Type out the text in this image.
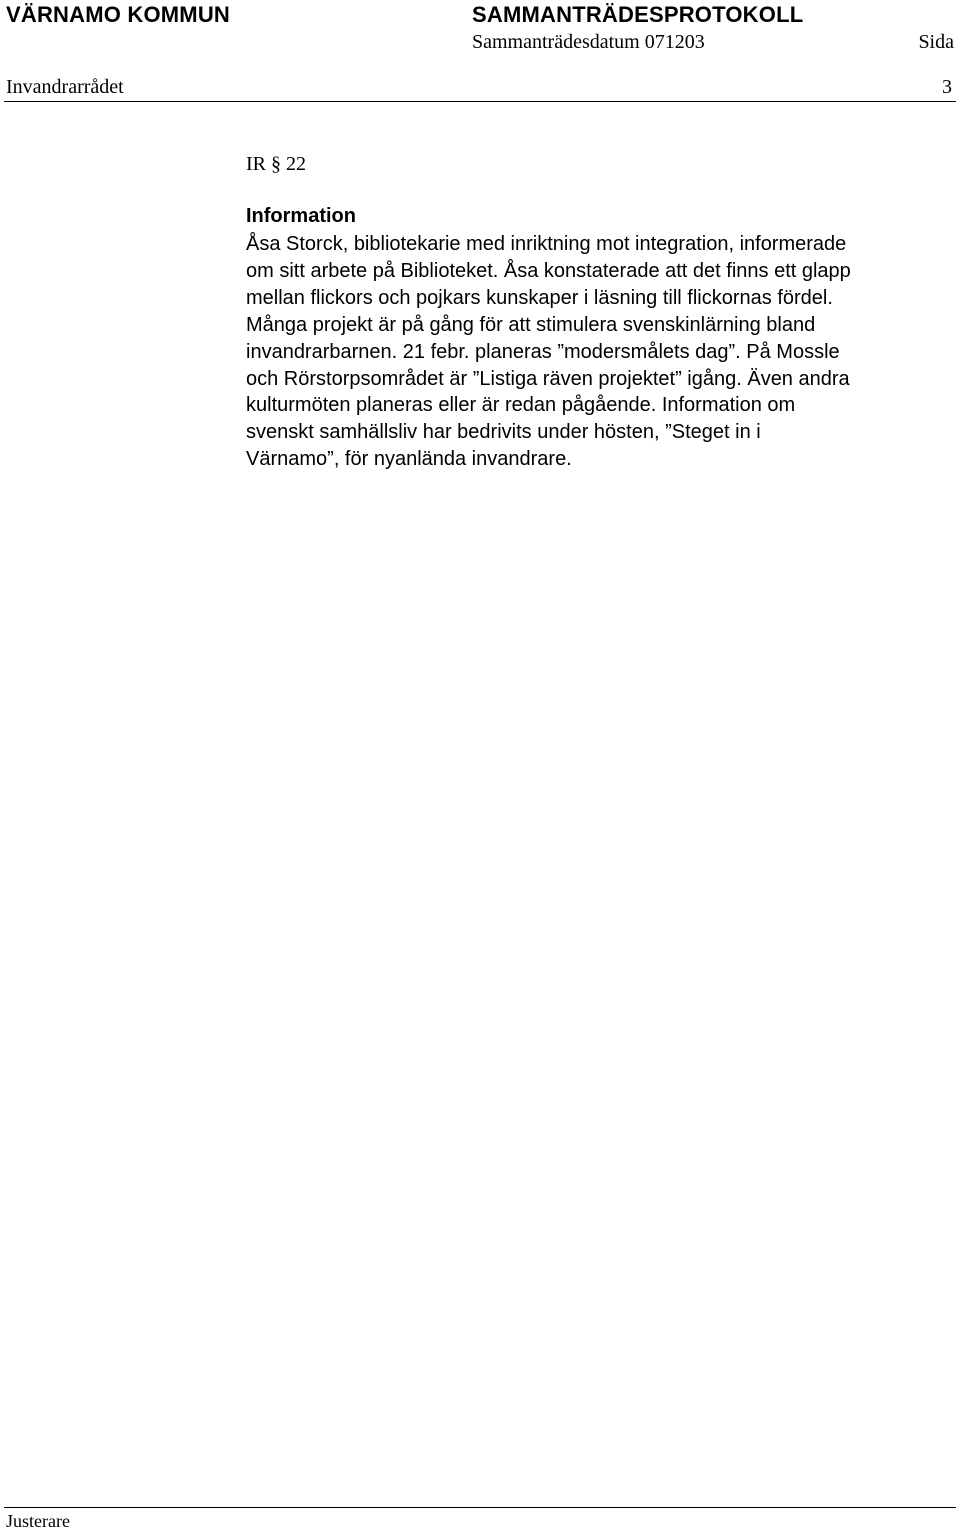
VÄRNAMO KOMMUN	SAMMANTRÄDESPROTOKOLL
Sammanträdesdatum 071203	Sida
Invandrarrådet	3
IR § 22
Information

Åsa Storck, bibliotekarie med inriktning mot integration, informerade
om sitt arbete på Biblioteket. Åsa konstaterade att det finns ett glapp
mellan flickors och pojkars kunskaper i läsning till flickornas fördel.
Många projekt är på gång för att stimulera svenskinlärning bland
invandrarbarnen. 21 febr. planeras ”modersmålets dag”. På Mossle
och Rörstorpsområdet är ”Listiga räven projektet” igång. Även andra
kulturmöten planeras eller är redan pågående. Information om
svenskt samhällsliv har bedrivits under hösten, ”Steget in i
Värnamo”, för nyanlända invandrare.

Justerare
